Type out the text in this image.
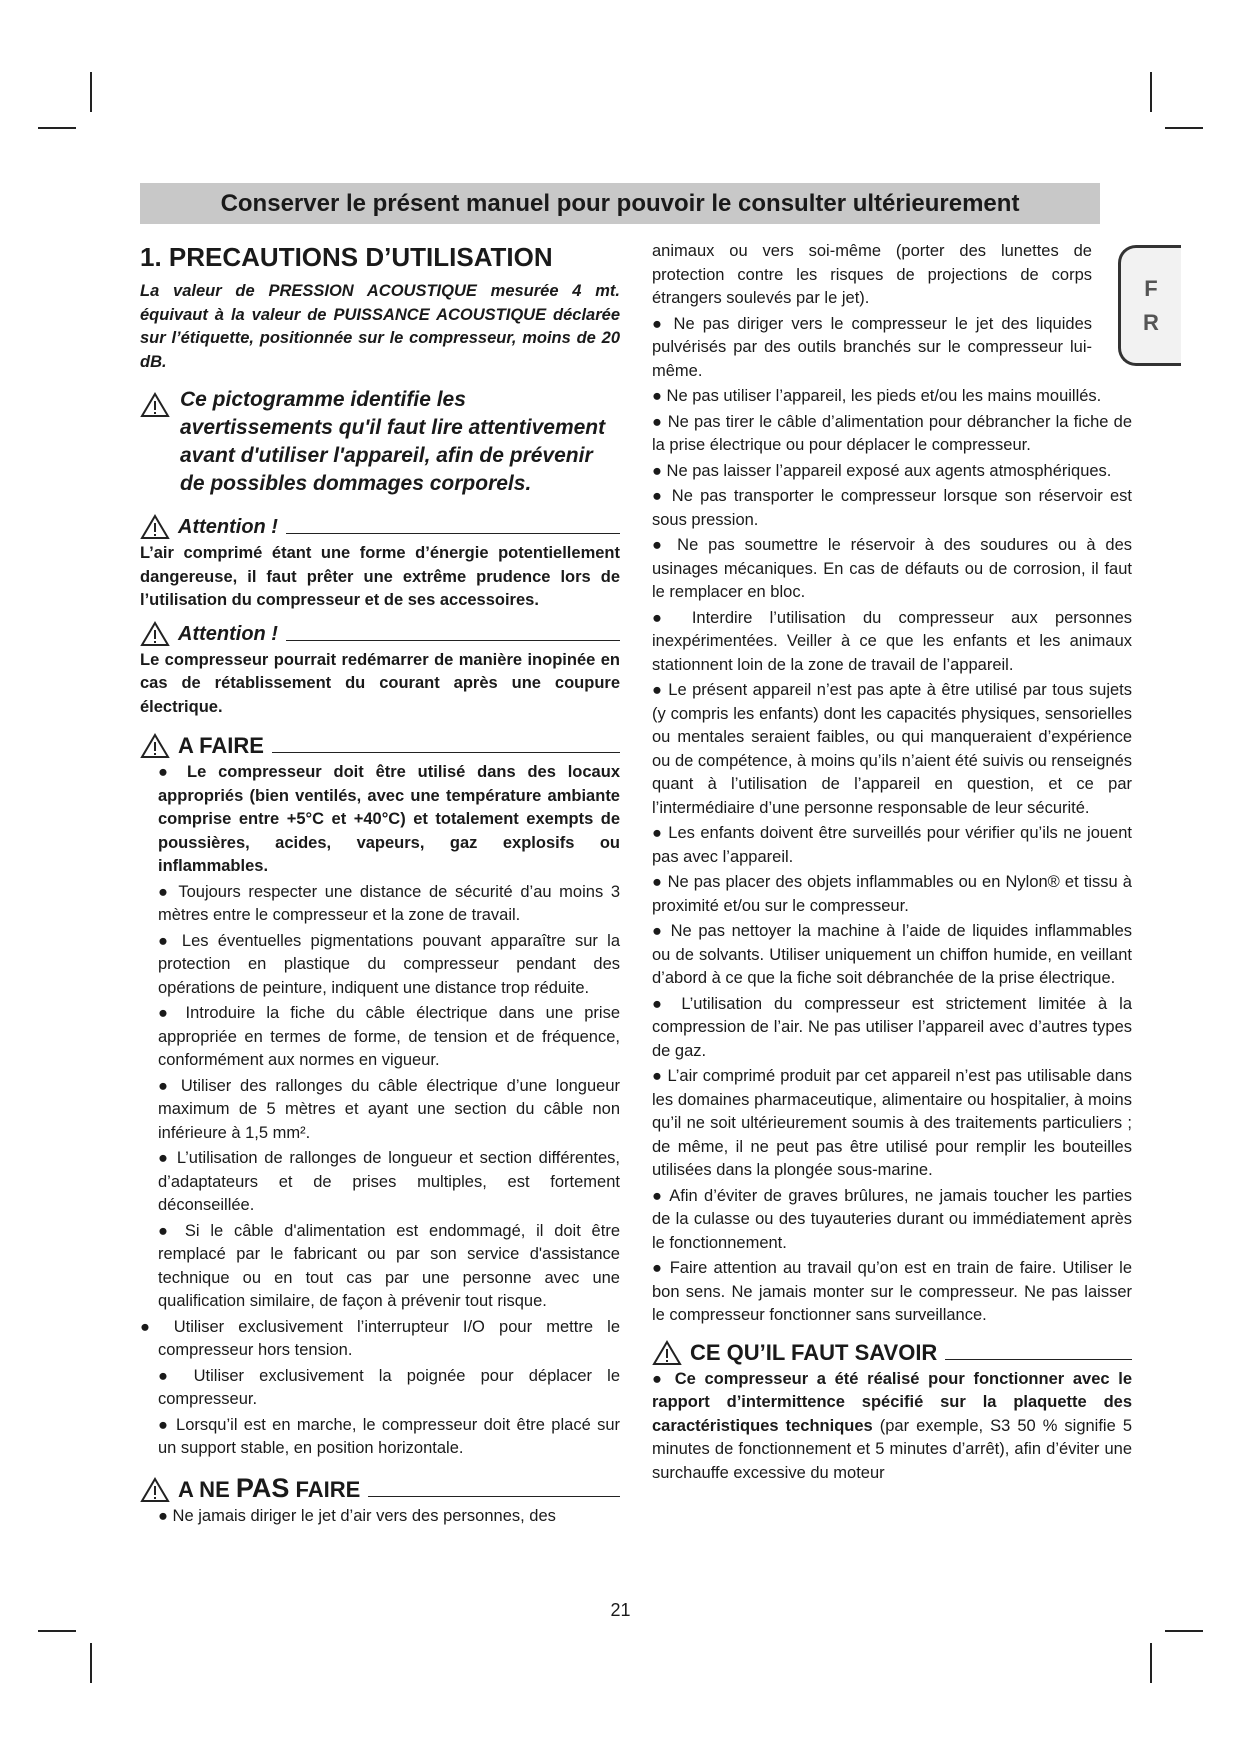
Conserver le présent manuel pour pouvoir le consulter ultérieurement
F
R
1. PRECAUTIONS D’UTILISATION
La valeur de PRESSION ACOUSTIQUE mesurée 4 mt. équivaut à la valeur de PUISSANCE ACOUSTIQUE déclarée sur l’étiquette, positionnée sur le compresseur, moins de 20 dB.
Ce pictogramme identifie les avertissements qu'il faut lire attentivement avant d'utiliser l'appareil, afin de prévenir de possibles dommages corporels.
Attention !
L’air comprimé étant une forme d’énergie potentiellement dangereuse, il faut prêter une extrême prudence lors de l’utilisation du compresseur et de ses accessoires.
Attention !
Le compresseur pourrait redémarrer de manière inopinée en cas de rétablissement du courant après une coupure électrique.
A FAIRE

● Le compresseur doit être utilisé dans des locaux appropriés (bien ventilés, avec une température ambiante comprise entre +5°C et +40°C) et totalement exempts de poussières, acides, vapeurs, gaz explosifs ou inflammables.

● Toujours respecter une distance de sécurité d’au moins 3 mètres entre le compresseur et la zone de travail.

● Les éventuelles pigmentations pouvant apparaître sur la protection en plastique du compresseur pendant des opérations de peinture, indiquent une distance trop réduite.

● Introduire la fiche du câble électrique dans une prise appropriée en termes de forme, de tension et de fréquence, conformément aux normes en vigueur.

● Utiliser des rallonges du câble électrique d’une longueur maximum de 5 mètres et ayant une section du câble non inférieure à 1,5 mm².

● L’utilisation de rallonges de longueur et section différentes, d’adaptateurs et de prises multiples, est fortement déconseillée.

● Si le câble d'alimentation est endommagé, il doit être remplacé par le fabricant ou par son service d'assistance technique ou en tout cas par une personne avec une qualification similaire, de façon à prévenir tout risque.

● Utiliser exclusivement l’interrupteur I/O pour mettre le compresseur hors tension.

● Utiliser exclusivement la poignée pour déplacer le compresseur.

● Lorsqu’il est en marche, le compresseur doit être placé sur un support stable, en position horizontale.

A NE PAS FAIRE

● Ne jamais diriger le jet d’air vers des personnes, des

animaux ou vers soi-même (porter des lunettes de protection contre les risques de projections de corps étrangers soulevés par le jet).

● Ne pas diriger vers le compresseur le jet des liquides pulvérisés par des outils branchés sur le compresseur lui-même.

● Ne pas utiliser l’appareil, les pieds et/ou les mains mouillés.

● Ne pas tirer le câble d’alimentation pour débrancher la fiche de la prise électrique ou pour déplacer le compresseur.

● Ne pas laisser l’appareil exposé aux agents atmosphériques.

● Ne pas transporter le compresseur lorsque son réservoir est sous pression.

● Ne pas soumettre le réservoir à des soudures ou à des usinages mécaniques. En cas de défauts ou de corrosion, il faut le remplacer en bloc.

● Interdire l’utilisation du compresseur aux personnes inexpérimentées. Veiller à ce que les enfants et les animaux stationnent loin de la zone de travail de l’appareil.

● Le présent appareil n’est pas apte à être utilisé par tous sujets (y compris les enfants) dont les capacités physiques, sensorielles ou mentales seraient faibles, ou qui manqueraient d’expérience ou de compétence, à moins qu’ils n’aient été suivis ou renseignés quant à l’utilisation de l’appareil en question, et ce par l’intermédiaire d’une personne responsable de leur sécurité.

● Les enfants doivent être surveillés pour vérifier qu’ils ne jouent pas avec l’appareil.

● Ne pas placer des objets inflammables ou en Nylon® et tissu à proximité et/ou sur le compresseur.

● Ne pas nettoyer la machine à l’aide de liquides inflammables ou de solvants. Utiliser uniquement un chiffon humide, en veillant d’abord à ce que la fiche soit débranchée de la prise électrique.

● L’utilisation du compresseur est strictement limitée à la compression de l’air. Ne pas utiliser l’appareil avec d’autres types de gaz.

● L’air comprimé produit par cet appareil n’est pas utilisable dans les domaines pharmaceutique, alimentaire ou hospitalier, à moins qu’il ne soit ultérieurement soumis à des traitements particuliers ; de même, il ne peut pas être utilisé pour remplir les bouteilles utilisées dans la plongée sous-marine.

● Afin d’éviter de graves brûlures, ne jamais toucher les parties de la culasse ou des tuyauteries durant ou immédiatement après le fonctionnement.

● Faire attention au travail qu’on est en train de faire. Utiliser le bon sens. Ne jamais monter sur le compresseur. Ne pas laisser le compresseur fonctionner sans surveillance.

CE QU’IL FAUT SAVOIR

● Ce compresseur a été réalisé pour fonctionner avec le rapport d’intermittence spécifié sur la plaquette des caractéristiques techniques (par exemple, S3 50 % signifie 5 minutes de fonctionnement et 5 minutes d’arrêt), afin d’éviter une surchauffe excessive du moteur

21
